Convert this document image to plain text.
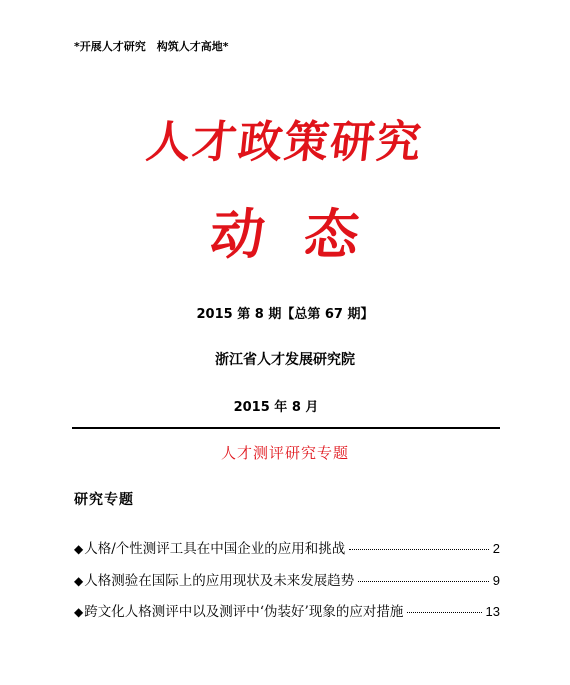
*开展人才研究　构筑人才高地*
人才政策研究
动态
2015 第 8 期【总第 67 期】
浙江省人才发展研究院
2015 年 8 月
人才测评研究专题
研究专题
◆ 人格/个性测评工具在中国企业的应用和挑战	2
◆ 人格测验在国际上的应用现状及未来发展趋势	9
◆ 跨文化人格测评中以及测评中‘伪装好’现象的应对措施	13
